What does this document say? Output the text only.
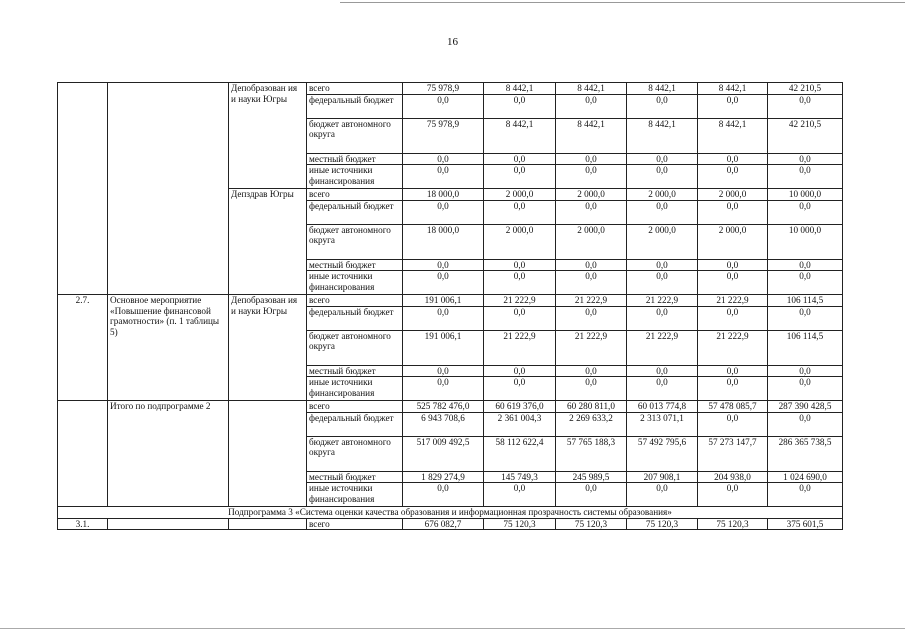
16
		Депобразован ия и науки Югры	всего	75 978,9	8 442,1	8 442,1	8 442,1	8 442,1	42 210,5
			федеральный бюджет	0,0	0,0	0,0	0,0	0,0	0,0
			бюджет автономного округа	75 978,9	8 442,1	8 442,1	8 442,1	8 442,1	42 210,5
			местный бюджет	0,0	0,0	0,0	0,0	0,0	0,0
			иные источники финансирования	0,0	0,0	0,0	0,0	0,0	0,0
		Депздрав Югры	всего	18 000,0	2 000,0	2 000,0	2 000,0	2 000,0	10 000,0
			федеральный бюджет	0,0	0,0	0,0	0,0	0,0	0,0
			бюджет автономного округа	18 000,0	2 000,0	2 000,0	2 000,0	2 000,0	10 000,0
			местный бюджет	0,0	0,0	0,0	0,0	0,0	0,0
			иные источники финансирования	0,0	0,0	0,0	0,0	0,0	0,0
2.7.	Основное мероприятие «Повышение финансовой грамотности» (п. 1 таблицы 5)	Депобразован ия и науки Югры	всего	191 006,1	21 222,9	21 222,9	21 222,9	21 222,9	106 114,5
			федеральный бюджет	0,0	0,0	0,0	0,0	0,0	0,0
			бюджет автономного округа	191 006,1	21 222,9	21 222,9	21 222,9	21 222,9	106 114,5
			местный бюджет	0,0	0,0	0,0	0,0	0,0	0,0
			иные источники финансирования	0,0	0,0	0,0	0,0	0,0	0,0
	Итого по подпрограмме 2		всего	525 782 476,0	60 619 376,0	60 280 811,0	60 013 774,8	57 478 085,7	287 390 428,5
			федеральный бюджет	6 943 708,6	2 361 004,3	2 269 633,2	2 313 071,1	0,0	0,0
			бюджет автономного округа	517 009 492,5	58 112 622,4	57 765 188,3	57 492 795,6	57 273 147,7	286 365 738,5
			местный бюджет	1 829 274,9	145 749,3	245 989,5	207 908,1	204 938,0	1 024 690,0
			иные источники финансирования	0,0	0,0	0,0	0,0	0,0	0,0
Подпрограмма 3 «Система оценки качества образования и информационная прозрачность системы образования»									
3.1.			всего	676 082,7	75 120,3	75 120,3	75 120,3	75 120,3	375 601,5
